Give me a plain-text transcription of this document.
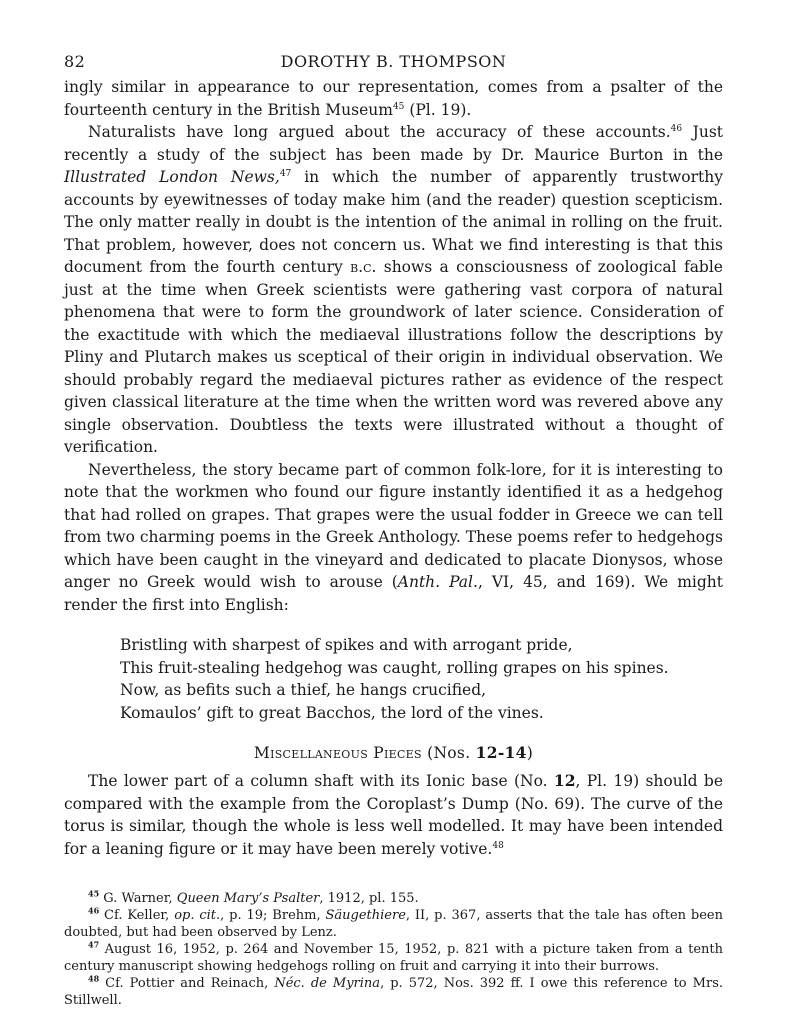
82	DOROTHY B. THOMPSON

ingly similar in appearance to our representation, comes from a psalter of the fourteenth century in the British Museum$^{45}$ (Pl. 19).

Naturalists have long argued about the accuracy of these accounts.$^{46}$ Just recently a study of the subject has been made by Dr. Maurice Burton in the Illustrated London News,$^{47}$ in which the number of apparently trustworthy accounts by eyewitnesses of today make him (and the reader) question scepticism. The only matter really in doubt is the intention of the animal in rolling on the fruit. That problem, however, does not concern us. What we find interesting is that this document from the fourth century b.c. shows a consciousness of zoological fable just at the time when Greek scientists were gathering vast corpora of natural phenomena that were to form the groundwork of later science. Consideration of the exactitude with which the mediaeval illustrations follow the descriptions by Pliny and Plutarch makes us sceptical of their origin in individual observation. We should probably regard the mediaeval pictures rather as evidence of the respect given classical literature at the time when the written word was revered above any single observation. Doubtless the texts were illustrated without a thought of verification.

Nevertheless, the story became part of common folk-lore, for it is interesting to note that the workmen who found our figure instantly identified it as a hedgehog that had rolled on grapes. That grapes were the usual fodder in Greece we can tell from two charming poems in the Greek Anthology. These poems refer to hedgehogs which have been caught in the vineyard and dedicated to placate Dionysos, whose anger no Greek would wish to arouse (Anth. Pal., VI, 45, and 169). We might render the first into English:

Bristling with sharpest of spikes and with arrogant pride,
This fruit-stealing hedgehog was caught, rolling grapes on his spines.
Now, as befits such a thief, he hangs crucified,
Komaulos’ gift to great Bacchos, the lord of the vines.
Miscellaneous Pieces (Nos. 12-14)

The lower part of a column shaft with its Ionic base (No. 12, Pl. 19) should be compared with the example from the Coroplast’s Dump (No. 69). The curve of the torus is similar, though the whole is less well modelled. It may have been intended for a leaning figure or it may have been merely votive.$^{48}$

$^{45}$ G. Warner, Queen Mary’s Psalter, 1912, pl. 155.

$^{46}$ Cf. Keller, op. cit., p. 19; Brehm, Säugethiere, II, p. 367, asserts that the tale has often been doubted, but had been observed by Lenz.

$^{47}$ August 16, 1952, p. 264 and November 15, 1952, p. 821 with a picture taken from a tenth century manuscript showing hedgehogs rolling on fruit and carrying it into their burrows.

$^{48}$ Cf. Pottier and Reinach, Néc. de Myrina, p. 572, Nos. 392 ff. I owe this reference to Mrs. Stillwell.
